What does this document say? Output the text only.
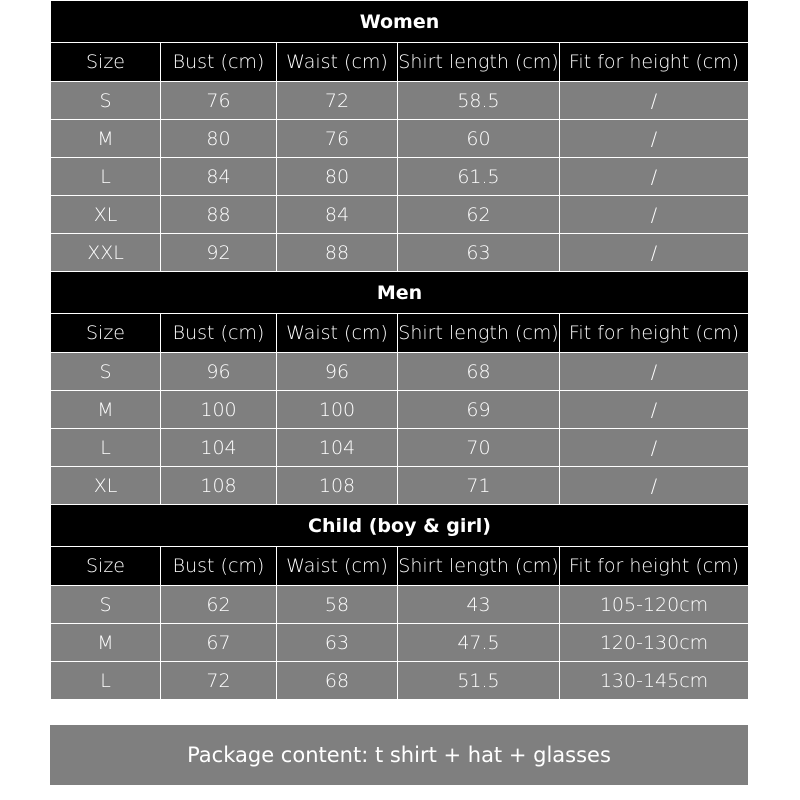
Women				
Size	Bust (cm)	Waist (cm)	Shirt length (cm)	Fit for height (cm)
S	76	72	58.5	/
M	80	76	60	/
L	84	80	61.5	/
XL	88	84	62	/
XXL	92	88	63	/
Men				
Size	Bust (cm)	Waist (cm)	Shirt length (cm)	Fit for height (cm)
S	96	96	68	/
M	100	100	69	/
L	104	104	70	/
XL	108	108	71	/
Child (boy & girl)				
Size	Bust (cm)	Waist (cm)	Shirt length (cm)	Fit for height (cm)
S	62	58	43	105-120cm
M	67	63	47.5	120-130cm
L	72	68	51.5	130-145cm
Package content: t shirt + hat + glasses
